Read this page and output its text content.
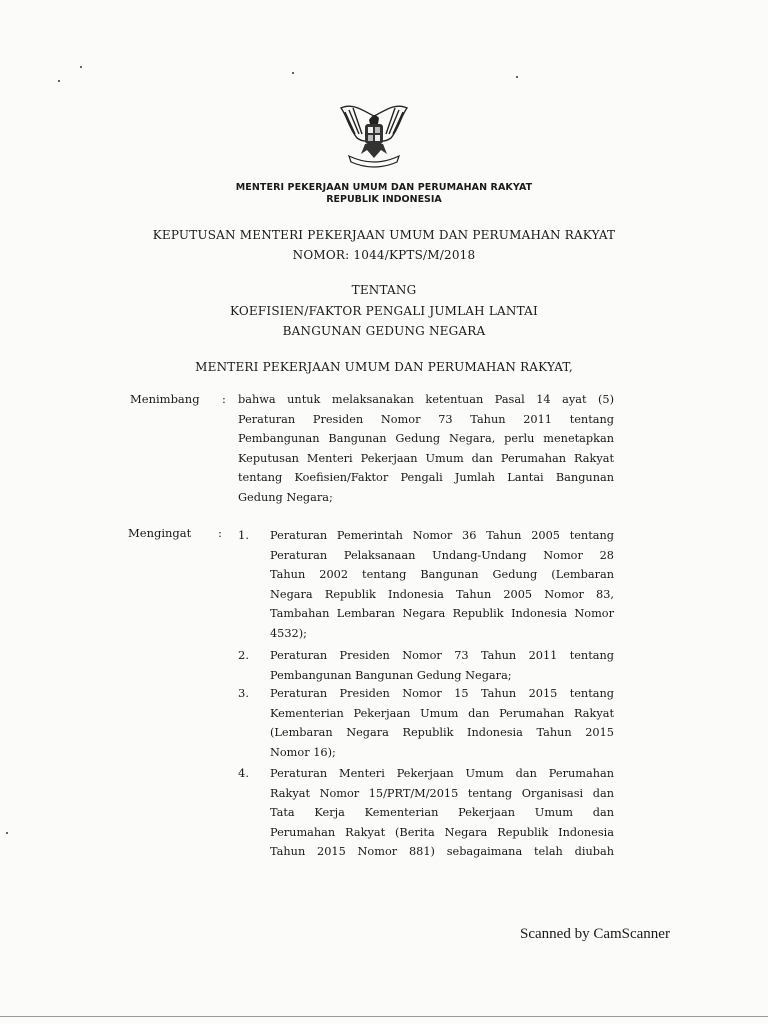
MENTERI PEKERJAAN UMUM DAN PERUMAHAN RAKYAT
REPUBLIK INDONESIA
KEPUTUSAN MENTERI PEKERJAAN UMUM DAN PERUMAHAN RAKYAT
NOMOR: 1044/KPTS/M/2018
TENTANG
KOEFISIEN/FAKTOR PENGALI JUMLAH LANTAI
BANGUNAN GEDUNG NEGARA
MENTERI PEKERJAAN UMUM DAN PERUMAHAN RAKYAT,
Menimbang : bahwa untuk melaksanakan ketentuan Pasal 14 ayat (5)
Peraturan Presiden Nomor 73 Tahun 2011 tentang
Pembangunan Bangunan Gedung Negara, perlu menetapkan
Keputusan Menteri Pekerjaan Umum dan Perumahan Rakyat
tentang Koefisien/Faktor Pengali Jumlah Lantai Bangunan
Gedung Negara;
Mengingat : 1. Peraturan Pemerintah Nomor 36 Tahun 2005 tentang
Peraturan Pelaksanaan Undang-Undang Nomor 28
Tahun 2002 tentang Bangunan Gedung (Lembaran
Negara Republik Indonesia Tahun 2005 Nomor 83,
Tambahan Lembaran Negara Republik Indonesia Nomor
4532);
2. Peraturan Presiden Nomor 73 Tahun 2011 tentang
Pembangunan Bangunan Gedung Negara;
3. Peraturan Presiden Nomor 15 Tahun 2015 tentang
Kementerian Pekerjaan Umum dan Perumahan Rakyat
(Lembaran Negara Republik Indonesia Tahun 2015
Nomor 16);
4. Peraturan Menteri Pekerjaan Umum dan Perumahan
Rakyat Nomor 15/PRT/M/2015 tentang Organisasi dan
Tata Kerja Kementerian Pekerjaan Umum dan
Perumahan Rakyat (Berita Negara Republik Indonesia
Tahun 2015 Nomor 881) sebagaimana telah diubah
Scanned by CamScanner
